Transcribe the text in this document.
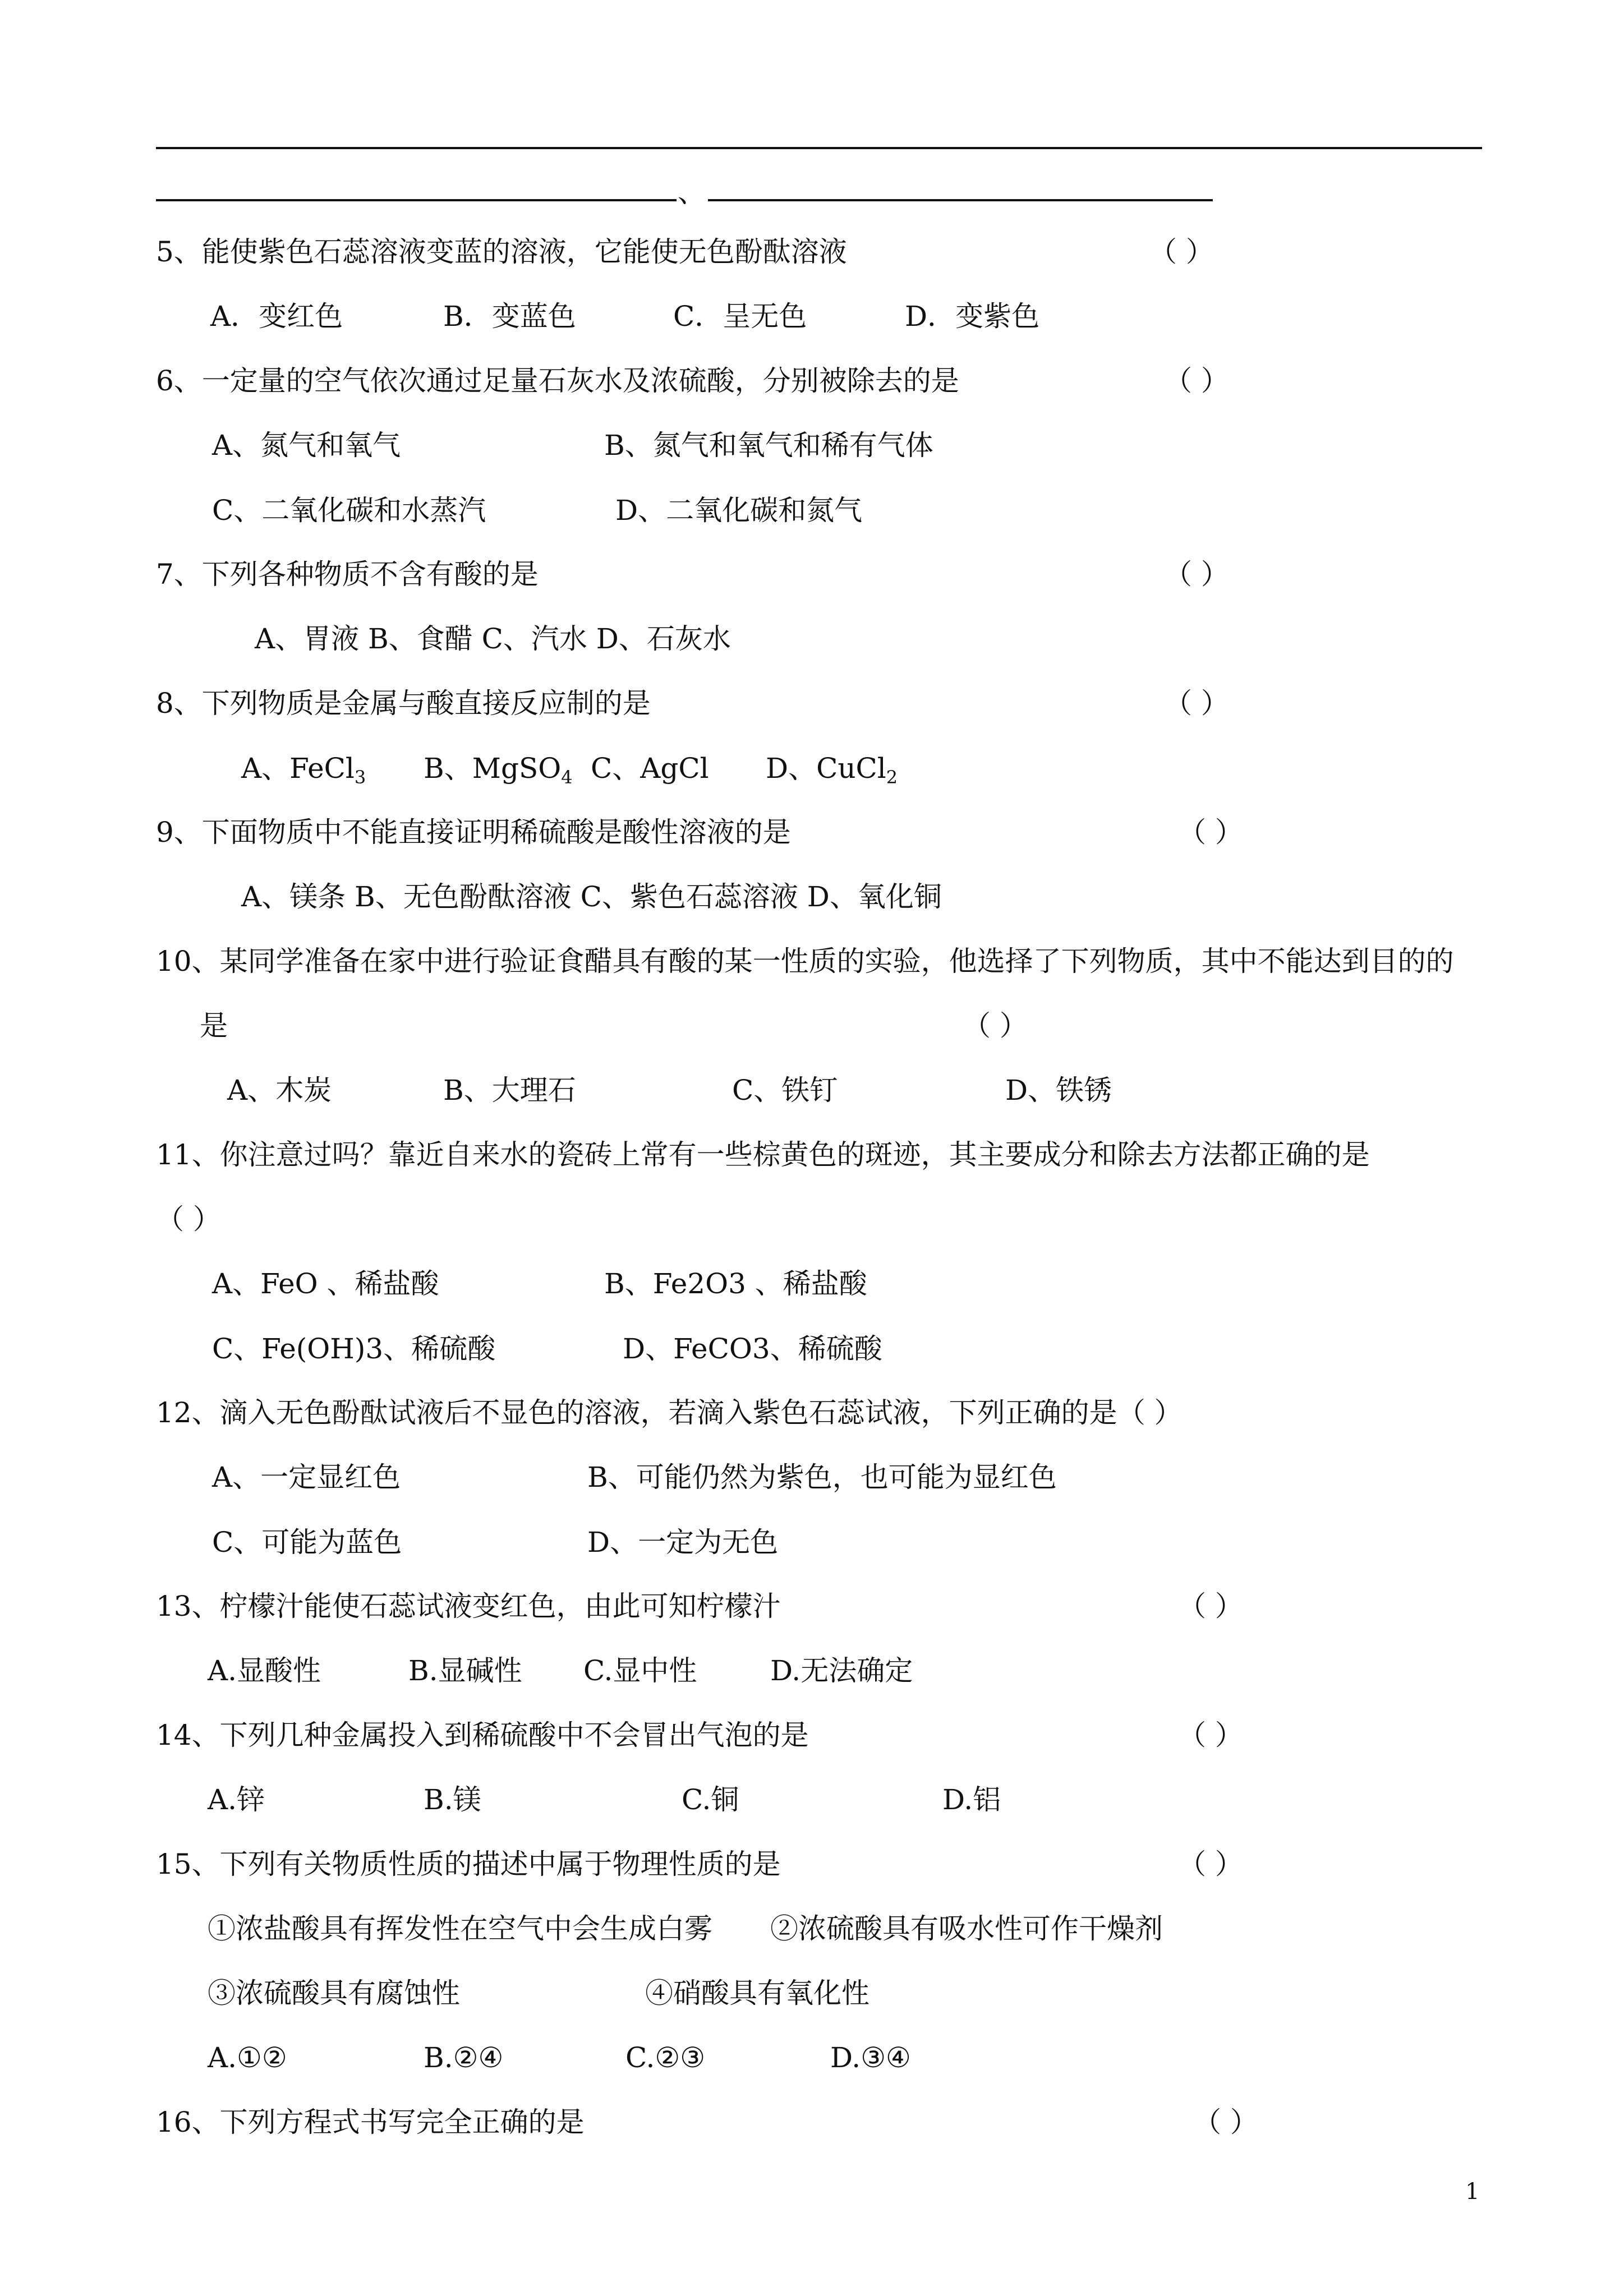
、
5、能使紫色石蕊溶液变蓝的溶液，它能使无色酚酞溶液	（ ）
A．变红色	B．变蓝色	C．呈无色	D．变紫色
6、一定量的空气依次通过足量石灰水及浓硫酸，分别被除去的是	（ ）
A、氮气和氧气	B、氮气和氧气和稀有气体
C、二氧化碳和水蒸汽	D、二氧化碳和氮气
7、下列各种物质不含有酸的是	（ ）
A、胃液 B、食醋 C、汽水 D、石灰水
8、下列物质是金属与酸直接反应制的是	（ ）
A、FeCl$_3$ B、MgSO$_4$ C、AgCl D、CuCl$_2$
9、下面物质中不能直接证明稀硫酸是酸性溶液的是	（ ）
A、镁条 B、无色酚酞溶液 C、紫色石蕊溶液 D、氧化铜
10、某同学准备在家中进行验证食醋具有酸的某一性质的实验，他选择了下列物质，其中不能达到目的的
是	（ ）
A、木炭	B、大理石	C、铁钉	D、铁锈
11、你注意过吗？靠近自来水的瓷砖上常有一些棕黄色的斑迹，其主要成分和除去方法都正确的是
（ ）
A、FeO 、稀盐酸	B、Fe2O3 、稀盐酸
C、Fe(OH)3、稀硫酸	D、FeCO3、稀硫酸
12、滴入无色酚酞试液后不显色的溶液，若滴入紫色石蕊试液，下列正确的是（ ）
A、一定显红色	B、可能仍然为紫色，也可能为显红色
C、可能为蓝色	D、一定为无色
13、柠檬汁能使石蕊试液变红色，由此可知柠檬汁	（ ）
A.显酸性	B.显碱性 C.显中性	D.无法确定
14、下列几种金属投入到稀硫酸中不会冒出气泡的是	（ ）
A.锌	B.镁	C.铜	D.铝
15、下列有关物质性质的描述中属于物理性质的是	（ ）
①浓盐酸具有挥发性在空气中会生成白雾 ②浓硫酸具有吸水性可作干燥剂
③浓硫酸具有腐蚀性	④硝酸具有氧化性
A.①②	B.②④	C.②③	D.③④
16、下列方程式书写完全正确的是	（ ）
1
